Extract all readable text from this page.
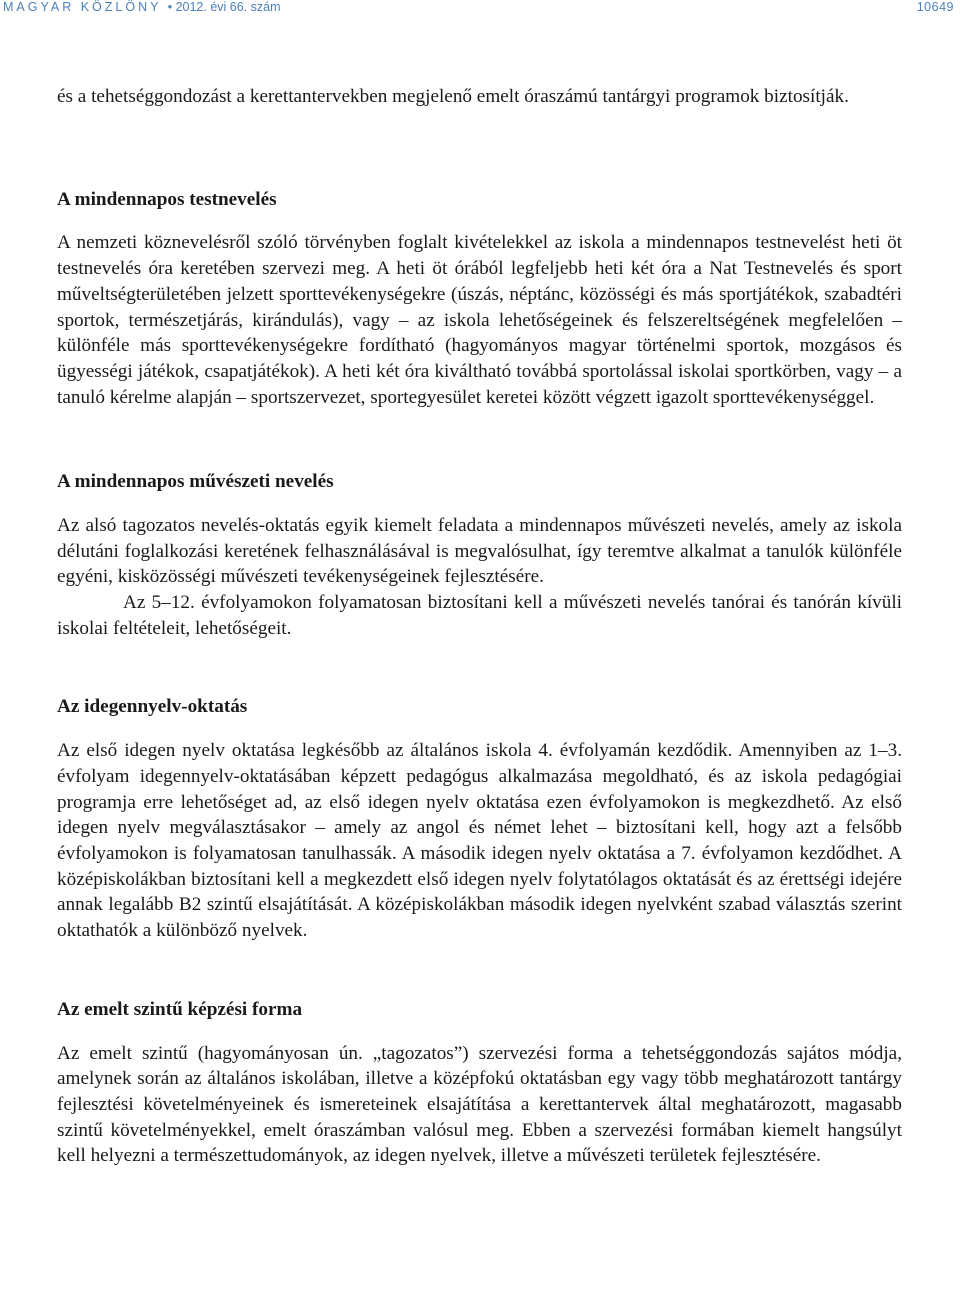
MAGYAR KÖZLÖNY • 2012. évi 66. szám	10649

és a tehetséggondozást a kerettantervekben megjelenő emelt óraszámú tantárgyi programok biztosítják.

A mindennapos testnevelés

A nemzeti köznevelésről szóló törvényben foglalt kivételekkel az iskola a mindennapos testnevelést heti öt testnevelés óra keretében szervezi meg. A heti öt órából legfeljebb heti két óra a Nat Testnevelés és sport műveltségterületében jelzett sporttevékenységekre (úszás, néptánc, közösségi és más sportjátékok, szabadtéri sportok, természetjárás, kirándulás), vagy – az iskola lehetőségeinek és felszereltségének megfelelően – különféle más sporttevékenységekre fordítható (hagyományos magyar történelmi sportok, mozgásos és ügyességi játékok, csapatjátékok). A heti két óra kiváltható továbbá sportolással iskolai sportkörben, vagy – a tanuló kérelme alapján – sportszervezet, sportegyesület keretei között végzett igazolt sporttevékenységgel.

A mindennapos művészeti nevelés

Az alsó tagozatos nevelés-oktatás egyik kiemelt feladata a mindennapos művészeti nevelés, amely az iskola délutáni foglalkozási keretének felhasználásával is megvalósulhat, így teremtve alkalmat a tanulók különféle egyéni, kisközösségi művészeti tevékenységeinek fejlesztésére.

Az 5–12. évfolyamokon folyamatosan biztosítani kell a művészeti nevelés tanórai és tanórán kívüli iskolai feltételeit, lehetőségeit.

Az idegennyelv-oktatás

Az első idegen nyelv oktatása legkésőbb az általános iskola 4. évfolyamán kezdődik. Amennyiben az 1–3. évfolyam idegennyelv-oktatásában képzett pedagógus alkalmazása megoldható, és az iskola pedagógiai programja erre lehetőséget ad, az első idegen nyelv oktatása ezen évfolyamokon is megkezdhető. Az első idegen nyelv megválasztásakor – amely az angol és német lehet – biztosítani kell, hogy azt a felsőbb évfolyamokon is folyamatosan tanulhassák. A második idegen nyelv oktatása a 7. évfolyamon kezdődhet. A középiskolákban biztosítani kell a megkezdett első idegen nyelv folytatólagos oktatását és az érettségi idejére annak legalább B2 szintű elsajátítását. A középiskolákban második idegen nyelvként szabad választás szerint oktathatók a különböző nyelvek.

Az emelt szintű képzési forma

Az emelt szintű (hagyományosan ún. „tagozatos”) szervezési forma a tehetséggondozás sajátos módja, amelynek során az általános iskolában, illetve a középfokú oktatásban egy vagy több meghatározott tantárgy fejlesztési követelményeinek és ismereteinek elsajátítása a kerettantervek által meghatározott, magasabb szintű követelményekkel, emelt óraszámban valósul meg. Ebben a szervezési formában kiemelt hangsúlyt kell helyezni a természettudományok, az idegen nyelvek, illetve a művészeti területek fejlesztésére.
